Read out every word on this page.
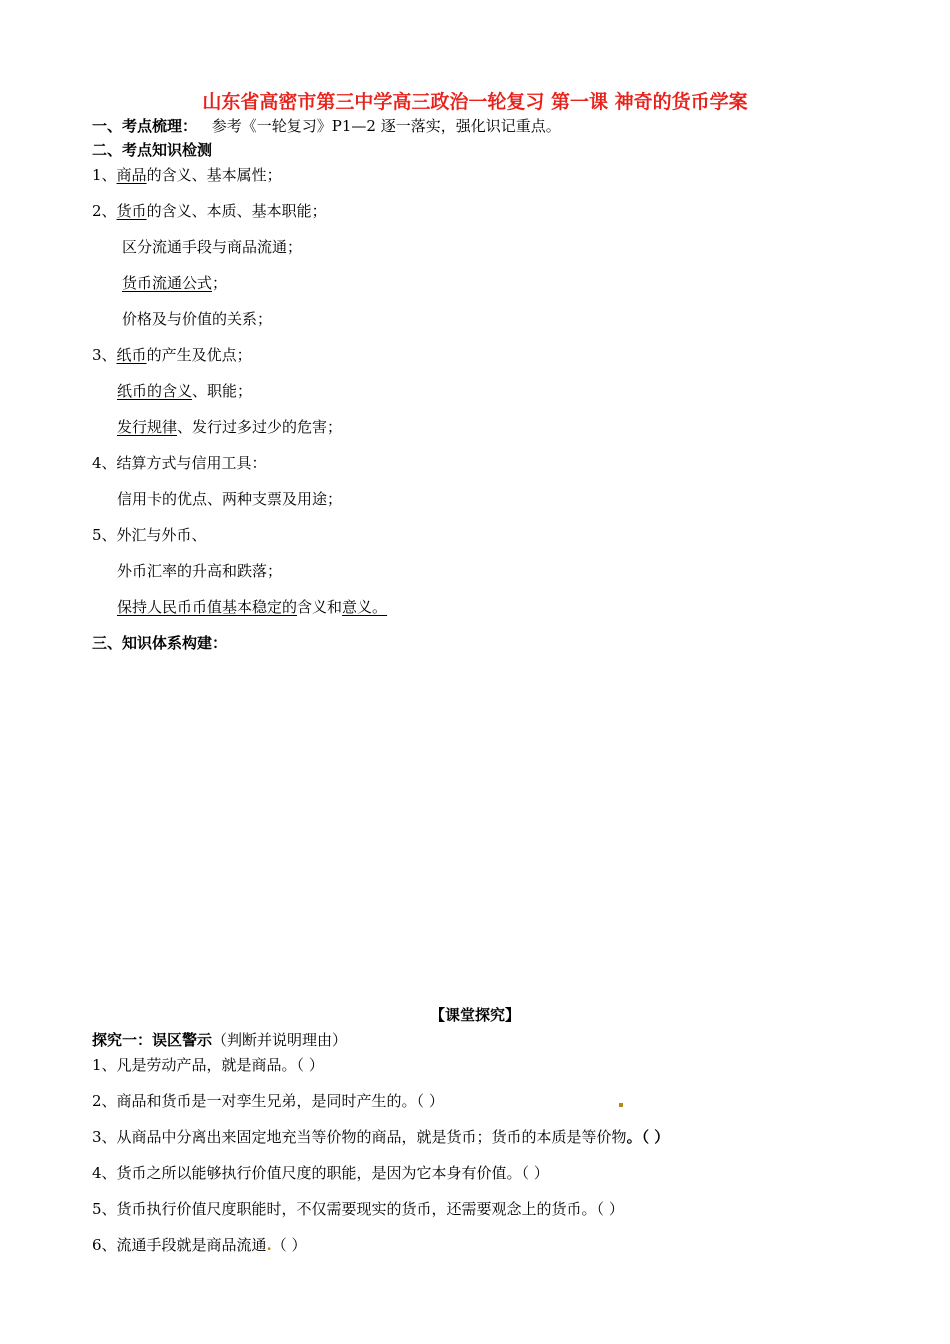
山东省高密市第三中学高三政治一轮复习 第一课 神奇的货币学案
一、考点梳理： 参考《一轮复习》P1—2 逐一落实，强化识记重点。
二、考点知识检测
1、商品的含义、基本属性；
2、货币的含义、本质、基本职能；
区分流通手段与商品流通；
货币流通公式；
价格及与价值的关系；
3、纸币的产生及优点；
纸币的含义、职能；
发行规律、发行过多过少的危害；
4、结算方式与信用工具：
信用卡的优点、两种支票及用途；
5、外汇与外币、
外币汇率的升高和跌落；
保持人民币币值基本稳定的含义和意义。
三、知识体系构建：
【课堂探究】
探究一：误区警示（判断并说明理由）
1、凡是劳动产品，就是商品。（ ）
2、商品和货币是一对孪生兄弟，是同时产生的。（ ）
3、从商品中分离出来固定地充当等价物的商品，就是货币；货币的本质是等价物。（ ）
4、货币之所以能够执行价值尺度的职能，是因为它本身有价值。（ ）
5、货币执行价值尺度职能时，不仅需要现实的货币，还需要观念上的货币。（ ）
6、流通手段就是商品流通.（ ）
